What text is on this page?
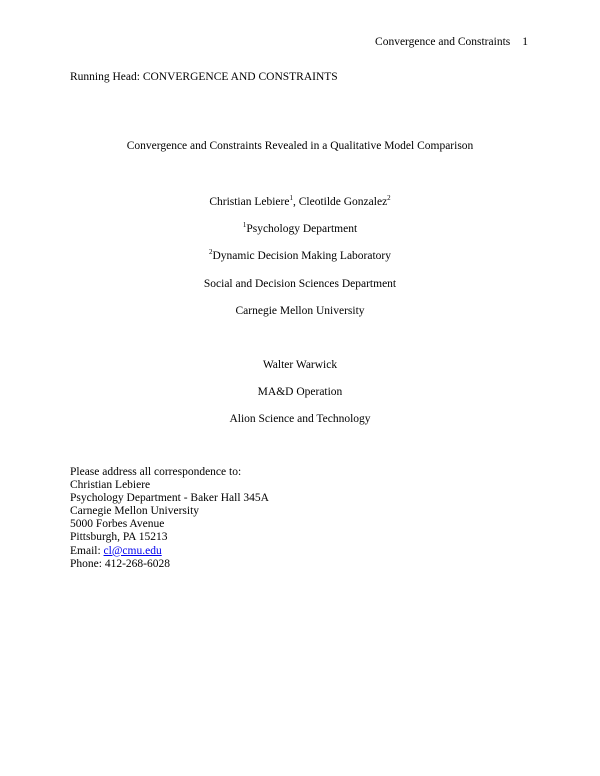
Convergence and Constraints 1
Running Head: CONVERGENCE AND CONSTRAINTS
Convergence and Constraints Revealed in a Qualitative Model Comparison
Christian Lebiere$^1$, Cleotilde Gonzalez$^2$
$^1$Psychology Department
$^2$Dynamic Decision Making Laboratory
Social and Decision Sciences Department
Carnegie Mellon University
Walter Warwick
MA&D Operation
Alion Science and Technology
Please address all correspondence to:
Christian Lebiere
Psychology Department - Baker Hall 345A
Carnegie Mellon University
5000 Forbes Avenue
Pittsburgh, PA 15213
Email: cl@cmu.edu
Phone: 412-268-6028
